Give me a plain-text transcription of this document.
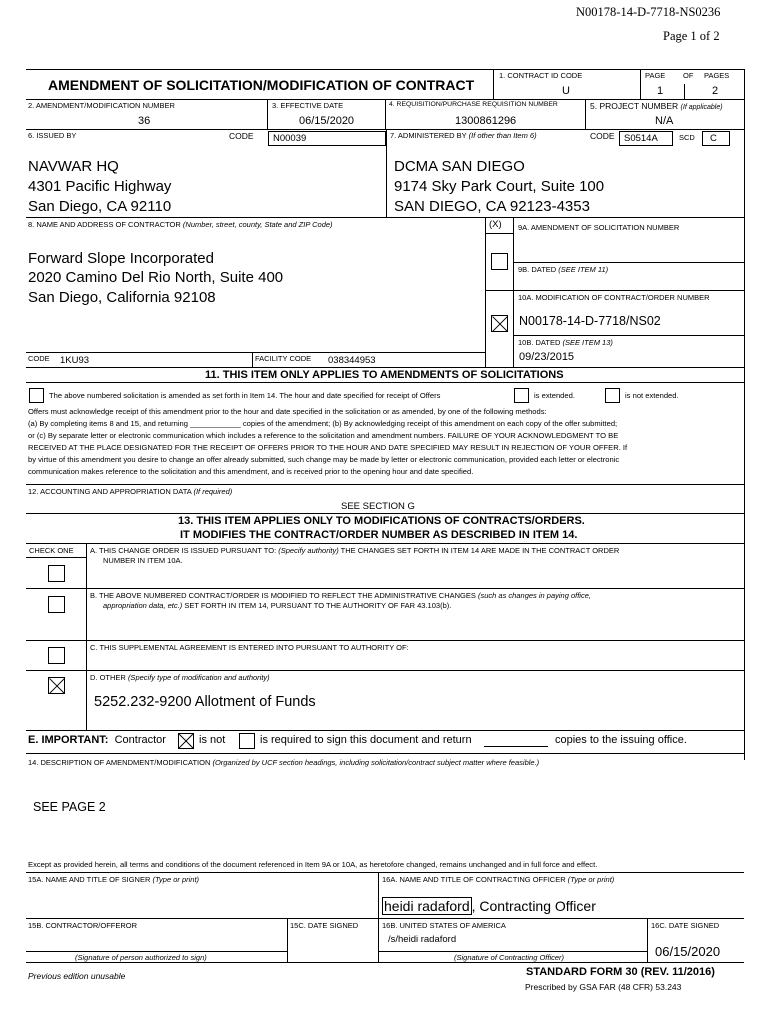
N00178-14-D-7718-NS0236
Page 1 of 2
AMENDMENT OF SOLICITATION/MODIFICATION OF CONTRACT
1. CONTRACT ID CODE
U
PAGE OF PAGES
1	2
2. AMENDMENT/MODIFICATION NUMBER
36
3. EFFECTIVE DATE
06/15/2020
4. REQUISITION/PURCHASE REQUISITION NUMBER
1300861296
5. PROJECT NUMBER (If applicable)
N/A
6. ISSUED BY	CODE N00039	7. ADMINISTERED BY (If other than Item 6)	CODE S0514A	SCD C
NAVWAR HQ
4301 Pacific Highway
San Diego, CA 92110
DCMA SAN DIEGO
9174 Sky Park Court, Suite 100
SAN DIEGO, CA 92123-4353
8. NAME AND ADDRESS OF CONTRACTOR (Number, street, county, State and ZIP Code)	(X) 9A. AMENDMENT OF SOLICITATION NUMBER
Forward Slope Incorporated
2020 Camino Del Rio North, Suite 400
San Diego, California 92108
9B. DATED (SEE ITEM 11)
10A. MODIFICATION OF CONTRACT/ORDER NUMBER
N00178-14-D-7718/NS02
10B. DATED (SEE ITEM 13)
09/23/2015
CODE 1KU93	FACILITY CODE 038344953
11. THIS ITEM ONLY APPLIES TO AMENDMENTS OF SOLICITATIONS
The above numbered solicitation is amended as set forth in Item 14. The hour and date specified for receipt of Offers	is extended.	is not extended.
Offers must acknowledge receipt of this amendment prior to the hour and date specified in the solicitation or as amended, by one of the following methods:
(a) By completing items 8 and 15, and returning ____________ copies of the amendment; (b) By acknowledging receipt of this amendment on each copy of the offer submitted;
or (c) By separate letter or electronic communication which includes a reference to the solicitation and amendment numbers. FAILURE OF YOUR ACKNOWLEDGMENT TO BE
RECEIVED AT THE PLACE DESIGNATED FOR THE RECEIPT OF OFFERS PRIOR TO THE HOUR AND DATE SPECIFIED MAY RESULT IN REJECTION OF YOUR OFFER. If
by virtue of this amendment you desire to change an offer already submitted, such change may be made by letter or electronic communication, provided each letter or electronic
communication makes reference to the solicitation and this amendment, and is received prior to the opening hour and date specified.
12. ACCOUNTING AND APPROPRIATION DATA (If required)
SEE SECTION G
13. THIS ITEM APPLIES ONLY TO MODIFICATIONS OF CONTRACTS/ORDERS.
IT MODIFIES THE CONTRACT/ORDER NUMBER AS DESCRIBED IN ITEM 14.
CHECK ONE A. THIS CHANGE ORDER IS ISSUED PURSUANT TO: (Specify authority) THE CHANGES SET FORTH IN ITEM 14 ARE MADE IN THE CONTRACT ORDER
NUMBER IN ITEM 10A.
B. THE ABOVE NUMBERED CONTRACT/ORDER IS MODIFIED TO REFLECT THE ADMINISTRATIVE CHANGES (such as changes in paying office,
appropriation data, etc.) SET FORTH IN ITEM 14, PURSUANT TO THE AUTHORITY OF FAR 43.103(b).
C. THIS SUPPLEMENTAL AGREEMENT IS ENTERED INTO PURSUANT TO AUTHORITY OF:
D. OTHER (Specify type of modification and authority)
5252.232-9200 Allotment of Funds
E. IMPORTANT: Contractor	is not	is required to sign this document and return	copies to the issuing office.
14. DESCRIPTION OF AMENDMENT/MODIFICATION (Organized by UCF section headings, including solicitation/contract subject matter where feasible.)
SEE PAGE 2
Except as provided herein, all terms and conditions of the document referenced in Item 9A or 10A, as heretofore changed, remains unchanged and in full force and effect.
15A. NAME AND TITLE OF SIGNER (Type or print)	16A. NAME AND TITLE OF CONTRACTING OFFICER (Type or print)
heidi radaford , Contracting Officer
15B. CONTRACTOR/OFFEROR	15C. DATE SIGNED	16B. UNITED STATES OF AMERICA	16C. DATE SIGNED
/s/heidi radaford
06/15/2020
(Signature of person authorized to sign)	(Signature of Contracting Officer)
Previous edition unusable	STANDARD FORM 30 (REV. 11/2016)
Prescribed by GSA FAR (48 CFR) 53.243
